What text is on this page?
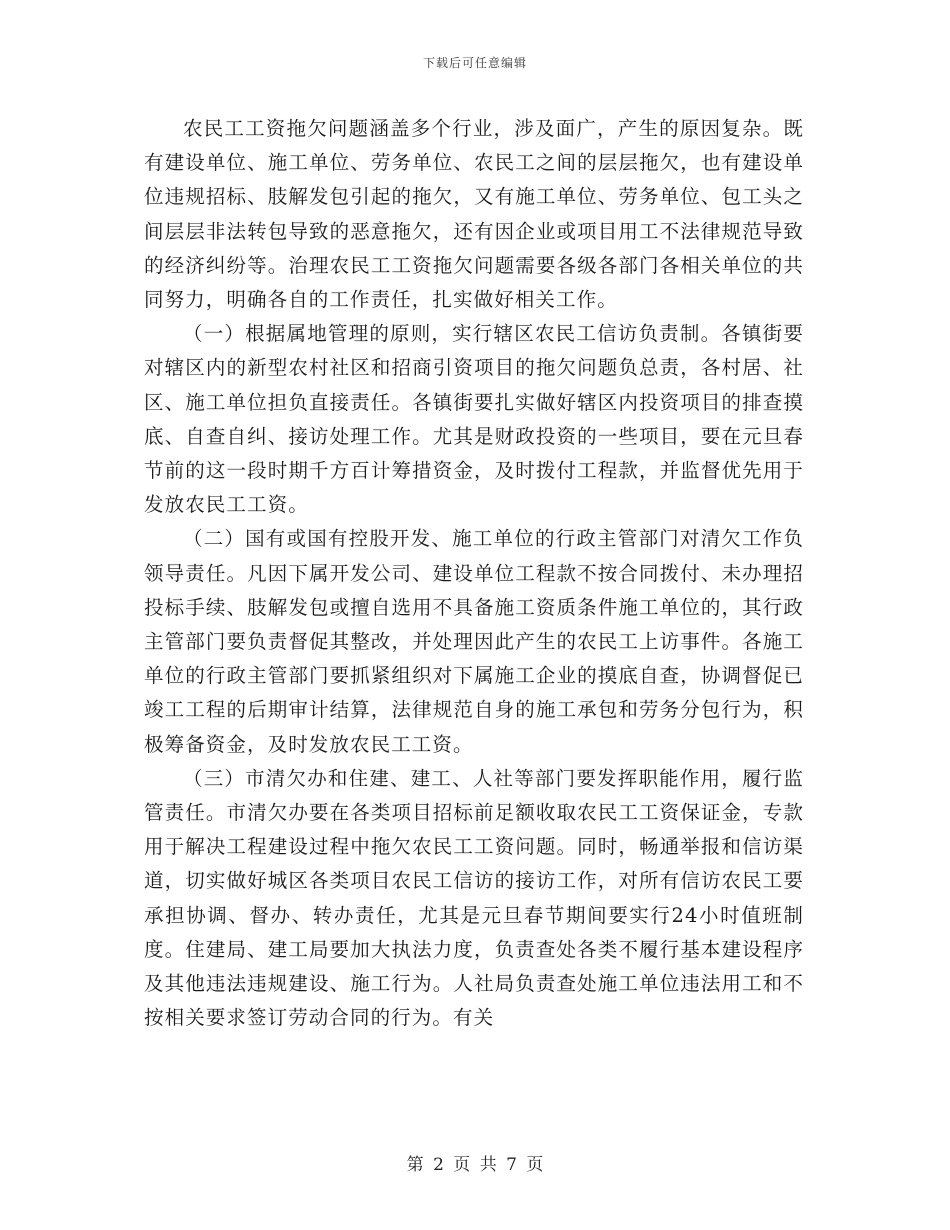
下载后可任意编辑

农民工工资拖欠问题涵盖多个行业，涉及面广，产生的原因复杂。既有建设单位、施工单位、劳务单位、农民工之间的层层拖欠，也有建设单位违规招标、肢解发包引起的拖欠，又有施工单位、劳务单位、包工头之间层层非法转包导致的恶意拖欠，还有因企业或项目用工不法律规范导致的经济纠纷等。治理农民工工资拖欠问题需要各级各部门各相关单位的共同努力，明确各自的工作责任，扎实做好相关工作。

（一）根据属地管理的原则，实行辖区农民工信访负责制。各镇街要对辖区内的新型农村社区和招商引资项目的拖欠问题负总责，各村居、社区、施工单位担负直接责任。各镇街要扎实做好辖区内投资项目的排查摸底、自查自纠、接访处理工作。尤其是财政投资的一些项目，要在元旦春节前的这一段时期千方百计筹措资金，及时拨付工程款，并监督优先用于发放农民工工资。

（二）国有或国有控股开发、施工单位的行政主管部门对清欠工作负领导责任。凡因下属开发公司、建设单位工程款不按合同拨付、未办理招投标手续、肢解发包或擅自选用不具备施工资质条件施工单位的，其行政主管部门要负责督促其整改，并处理因此产生的农民工上访事件。各施工单位的行政主管部门要抓紧组织对下属施工企业的摸底自查，协调督促已竣工工程的后期审计结算，法律规范自身的施工承包和劳务分包行为，积极筹备资金，及时发放农民工工资。

（三）市清欠办和住建、建工、人社等部门要发挥职能作用，履行监管责任。市清欠办要在各类项目招标前足额收取农民工工资保证金，专款用于解决工程建设过程中拖欠农民工工资问题。同时，畅通举报和信访渠道，切实做好城区各类项目农民工信访的接访工作，对所有信访农民工要承担协调、督办、转办责任，尤其是元旦春节期间要实行24小时值班制度。住建局、建工局要加大执法力度，负责查处各类不履行基本建设程序及其他违法违规建设、施工行为。人社局负责查处施工单位违法用工和不按相关要求签订劳动合同的行为。有关

第 2 页 共 7 页
